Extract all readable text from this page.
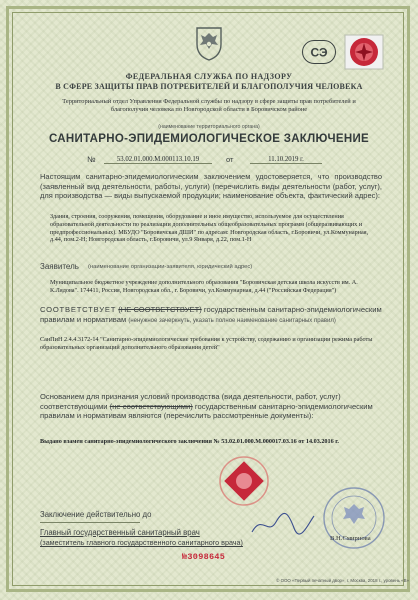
СЭ
ФЕДЕРАЛЬНАЯ СЛУЖБА ПО НАДЗОРУ
В СФЕРЕ ЗАЩИТЫ ПРАВ ПОТРЕБИТЕЛЕЙ И БЛАГОПОЛУЧИЯ ЧЕЛОВЕКА
Территориальный отдел Управления Федеральной службы по надзору в сфере защиты прав потребителей и благополучия человека по Новгородской области в Боровичском районе
(наименование территориального органа)
САНИТАРНО-ЭПИДЕМИОЛОГИЧЕСКОЕ ЗАКЛЮЧЕНИЕ
№	53.02.01.000.М.000113.10.19	от	11.10.2019 г.
Настоящим санитарно-эпидемиологическим заключением удостоверяется, что производство (заявленный вид деятельности, работы, услуги) (перечислить виды деятельности (работ, услуг), для производства — виды выпускаемой продукции; наименование объекта, фактический адрес):
Здания, строения, сооружения, помещения, оборудование и иное имущество, используемое для осуществления образовательной деятельности по реализации дополнительных общеобразовательных программ (общеразвивающих и предпрофессиональных). МБУДО "Боровичская ДШИ" по адресам: Новгородская область, г.Боровичи, ул.Коммунарная, д.44, пом.2-Н; Новгородская область, г.Боровичи, ул.9 Января, д.22, пом.1-Н
Заявитель (наименование организации-заявителя, юридический адрес)
Муниципальное бюджетное учреждение дополнительного образования "Боровичская детская школа искусств им. А. К.Лядова". 174411, Россия, Новгородская обл., г. Боровичи, ул.Коммунарная, д.44 ("Российская Федерация")
СООТВЕТСТВУЕТ (НЕ СООТВЕТСТВУЕТ) государственным санитарно-эпидемиологическим правилам и нормативам (ненужное зачеркнуть, указать полное наименование санитарных правил)
СанПиН 2.4.4.3172-14 "Санитарно-эпидемиологические требования к устройству, содержанию и организации режима работы образовательных организаций дополнительного образования детей"
Основанием для признания условий производства (вида деятельности, работ, услуг) соответствующими (не соответствующими) государственным санитарно-эпидемиологическим правилам и нормативам являются (перечислить рассмотренные документы):
Выдано взамен санитарно-эпидемиологического заключения № 53.02.01.000.М.000017.03.16 от 14.03.2016 г.
Заключение действительно до
Главный государственный санитарный врач
(заместитель главного государственного санитарного врача)	В.Н.Смирнова
№3098645
© ООО «Первый печатный двор», г. Москва, 2018 г., уровень «В»
